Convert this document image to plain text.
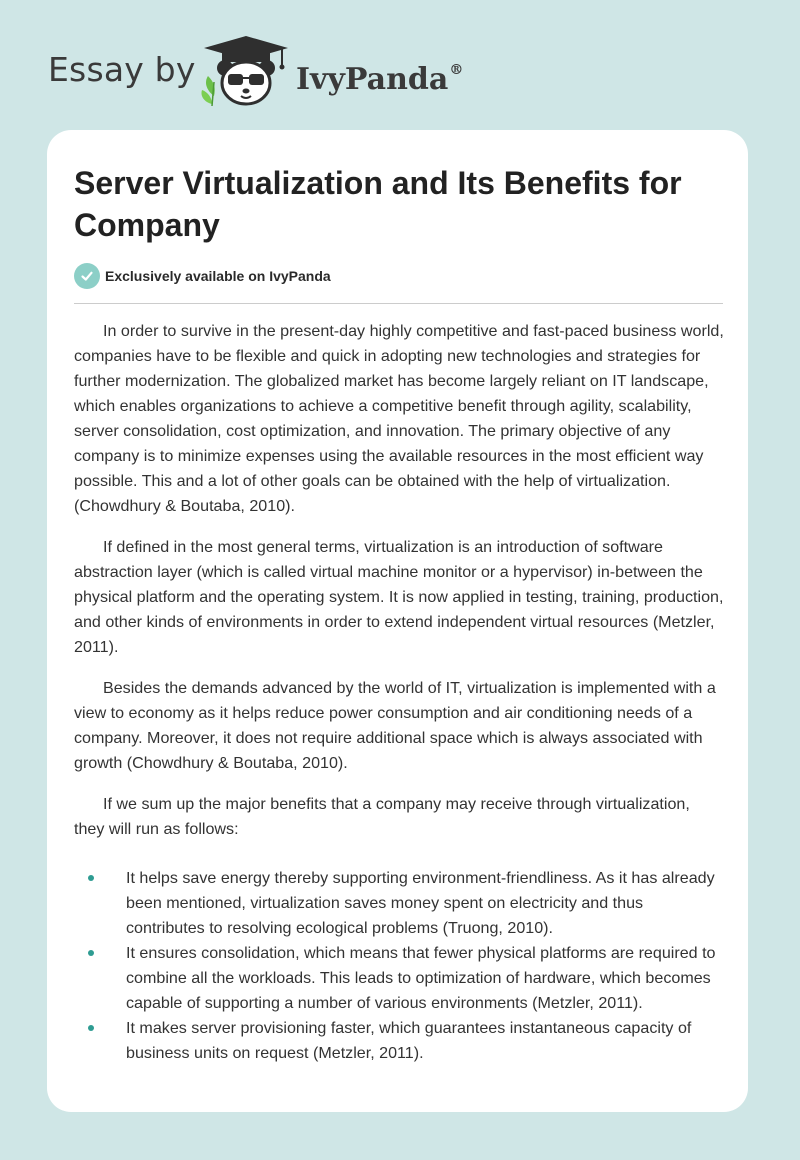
Essay by	IvyPanda®
Server Virtualization and Its Benefits for Company
Exclusively available on IvyPanda

In order to survive in the present-day highly competitive and fast-paced business world, companies have to be flexible and quick in adopting new technologies and strategies for further modernization. The globalized market has become largely reliant on IT landscape, which enables organizations to achieve a competitive benefit through agility, scalability, server consolidation, cost optimization, and innovation. The primary objective of any company is to minimize expenses using the available resources in the most efficient way possible. This and a lot of other goals can be obtained with the help of virtualization. (Chowdhury & Boutaba, 2010).

If defined in the most general terms, virtualization is an introduction of software abstraction layer (which is called virtual machine monitor or a hypervisor) in-between the physical platform and the operating system. It is now applied in testing, training, production, and other kinds of environments in order to extend independent virtual resources (Metzler, 2011).

Besides the demands advanced by the world of IT, virtualization is implemented with a view to economy as it helps reduce power consumption and air conditioning needs of a company. Moreover, it does not require additional space which is always associated with growth (Chowdhury & Boutaba, 2010).

If we sum up the major benefits that a company may receive through virtualization, they will run as follows:

It helps save energy thereby supporting environment-friendliness. As it has already been mentioned, virtualization saves money spent on electricity and thus contributes to resolving ecological problems (Truong, 2010).
It ensures consolidation, which means that fewer physical platforms are required to combine all the workloads. This leads to optimization of hardware, which becomes capable of supporting a number of various environments (Metzler, 2011).
It makes server provisioning faster, which guarantees instantaneous capacity of business units on request (Metzler, 2011).
